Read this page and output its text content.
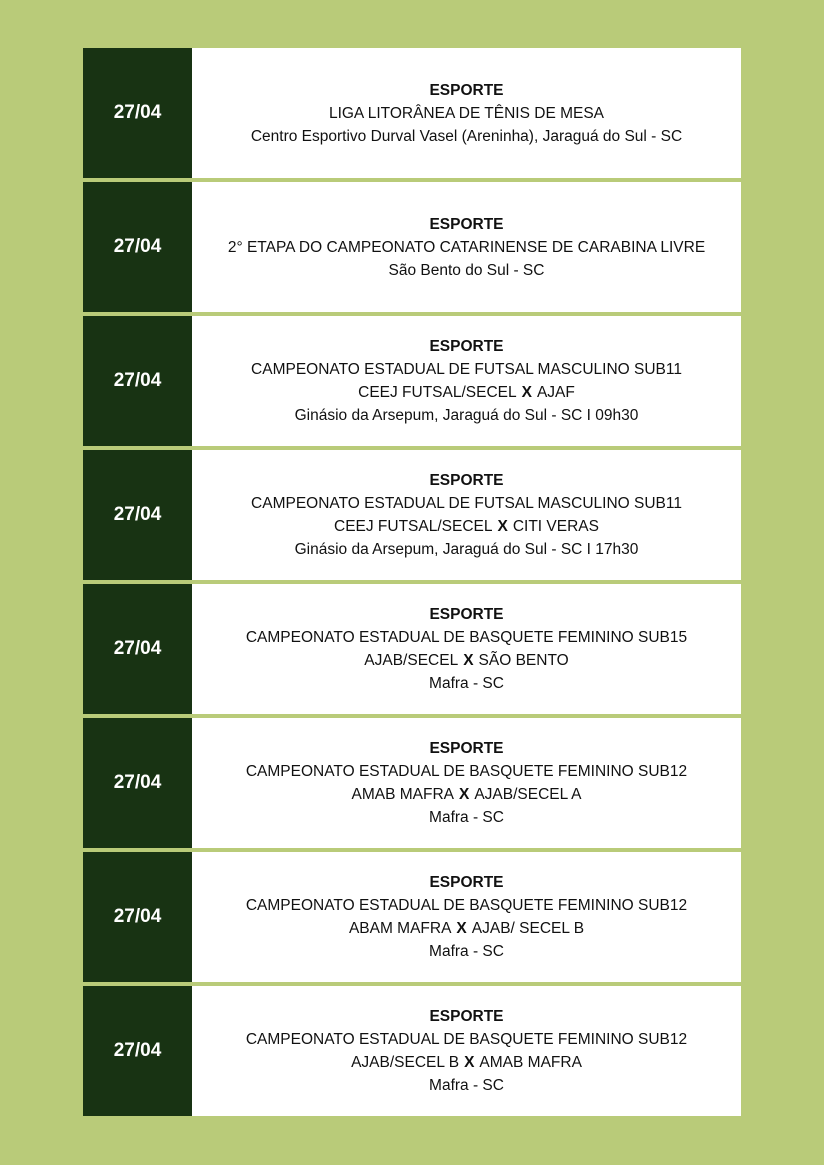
27/04
ESPORTE
LIGA LITORÂNEA DE TÊNIS DE MESA
Centro Esportivo Durval Vasel (Areninha), Jaraguá do Sul - SC
27/04
ESPORTE
2° ETAPA DO CAMPEONATO CATARINENSE DE CARABINA LIVRE
São Bento do Sul - SC
27/04
ESPORTE
CAMPEONATO ESTADUAL DE FUTSAL MASCULINO SUB11
CEEJ FUTSAL/SECEL X AJAF
Ginásio da Arsepum, Jaraguá do Sul - SC I 09h30
27/04
ESPORTE
CAMPEONATO ESTADUAL DE FUTSAL MASCULINO SUB11
CEEJ FUTSAL/SECEL X CITI VERAS
Ginásio da Arsepum, Jaraguá do Sul - SC I 17h30
27/04
ESPORTE
CAMPEONATO ESTADUAL DE BASQUETE FEMININO SUB15
AJAB/SECEL X SÃO BENTO
Mafra - SC
27/04
ESPORTE
CAMPEONATO ESTADUAL DE BASQUETE FEMININO SUB12
AMAB MAFRA X AJAB/SECEL A
Mafra - SC
27/04
ESPORTE
CAMPEONATO ESTADUAL DE BASQUETE FEMININO SUB12
ABAM MAFRA X AJAB/ SECEL B
Mafra - SC
27/04
ESPORTE
CAMPEONATO ESTADUAL DE BASQUETE FEMININO SUB12
AJAB/SECEL B X AMAB MAFRA
Mafra - SC
